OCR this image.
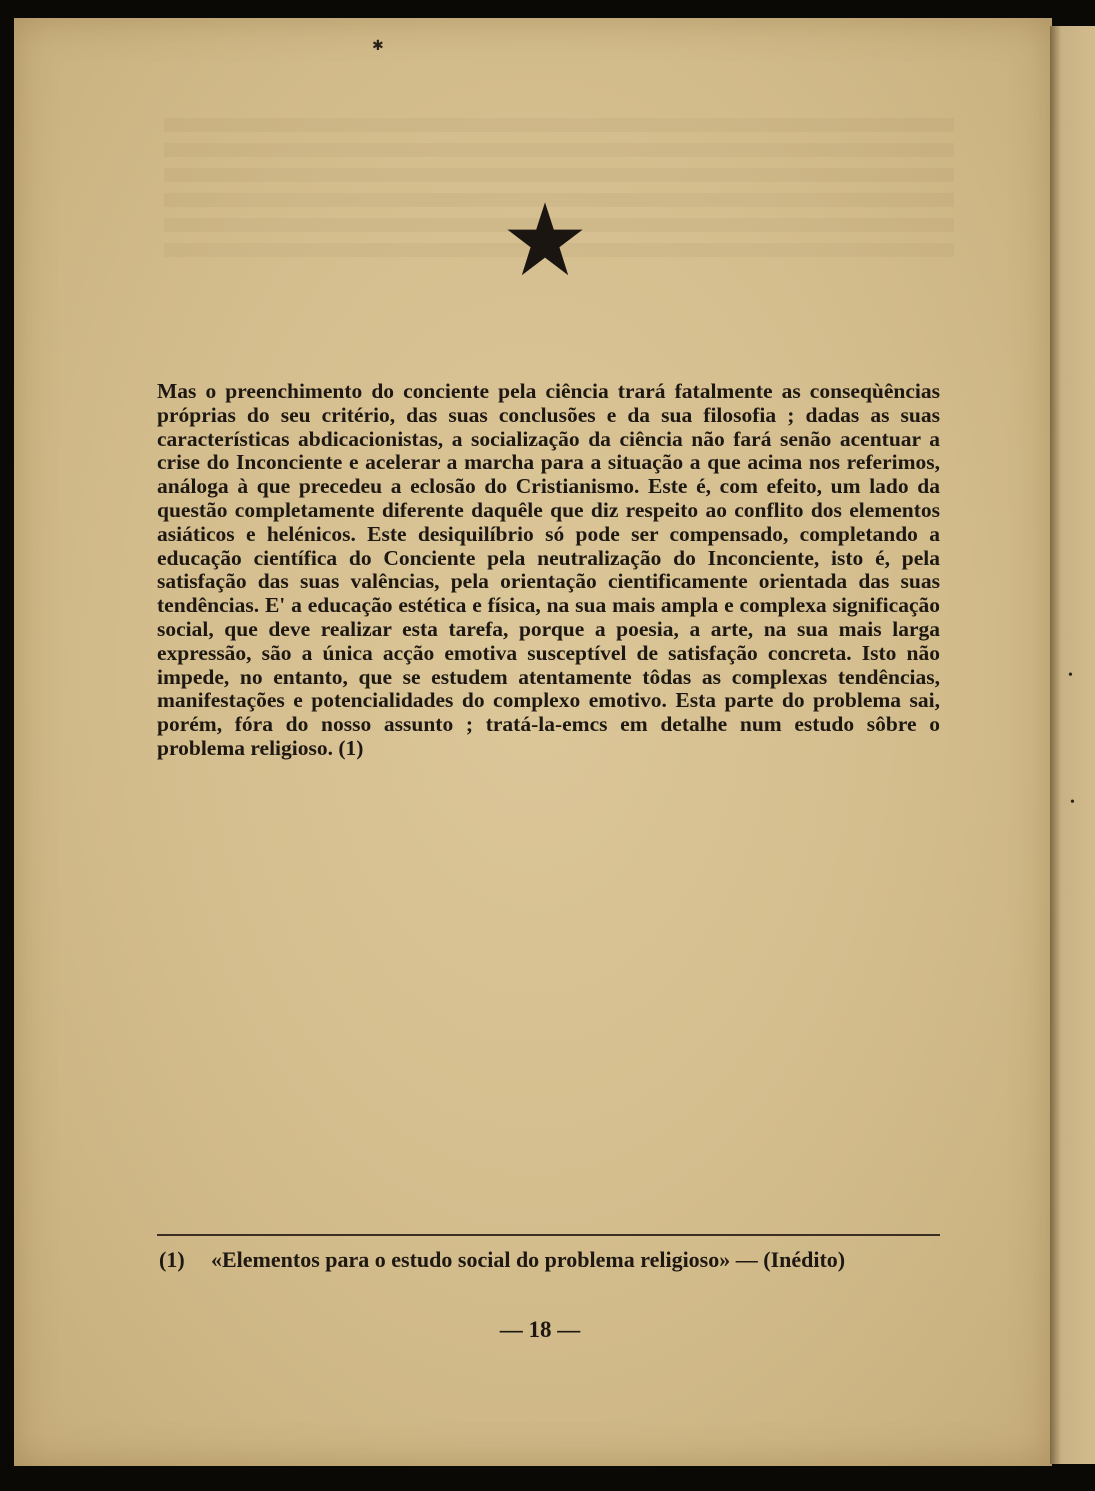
Mas o preenchimento do conciente pela ciência trará fatalmente as conseqùências próprias do seu critério, das suas conclusões e da sua filosofia ; dadas as suas características abdicacionistas, a socialização da ciência não fará senão acentuar a crise do Inconciente e acelerar a marcha para a situação a que acima nos referimos, análoga à que precedeu a eclosão do Cristianismo. Este é, com efeito, um lado da questão completamente diferente daquêle que diz respeito ao conflito dos elementos asiáticos e helénicos. Este desiquilíbrio só pode ser compensado, completando a educação científica do Conciente pela neutralização do Inconciente, isto é, pela satisfação das suas valências, pela orientação cientificamente orientada das suas tendências. E' a educação estética e física, na sua mais ampla e complexa significação social, que deve realizar esta tarefa, porque a poesia, a arte, na sua mais larga expressão, são a única acção emotiva susceptível de satisfação concreta. Isto não impede, no entanto, que se estudem atentamente tôdas as complexas tendências, manifestações e potencialidades do complexo emotivo. Esta parte do problema sai, porém, fóra do nosso assunto ; tratá-la-emcs em detalhe num estudo sôbre o problema religioso. (1)

(1) «Elementos para o estudo social do problema religioso» — (Inédito)
— 18 —
✱
•
•
